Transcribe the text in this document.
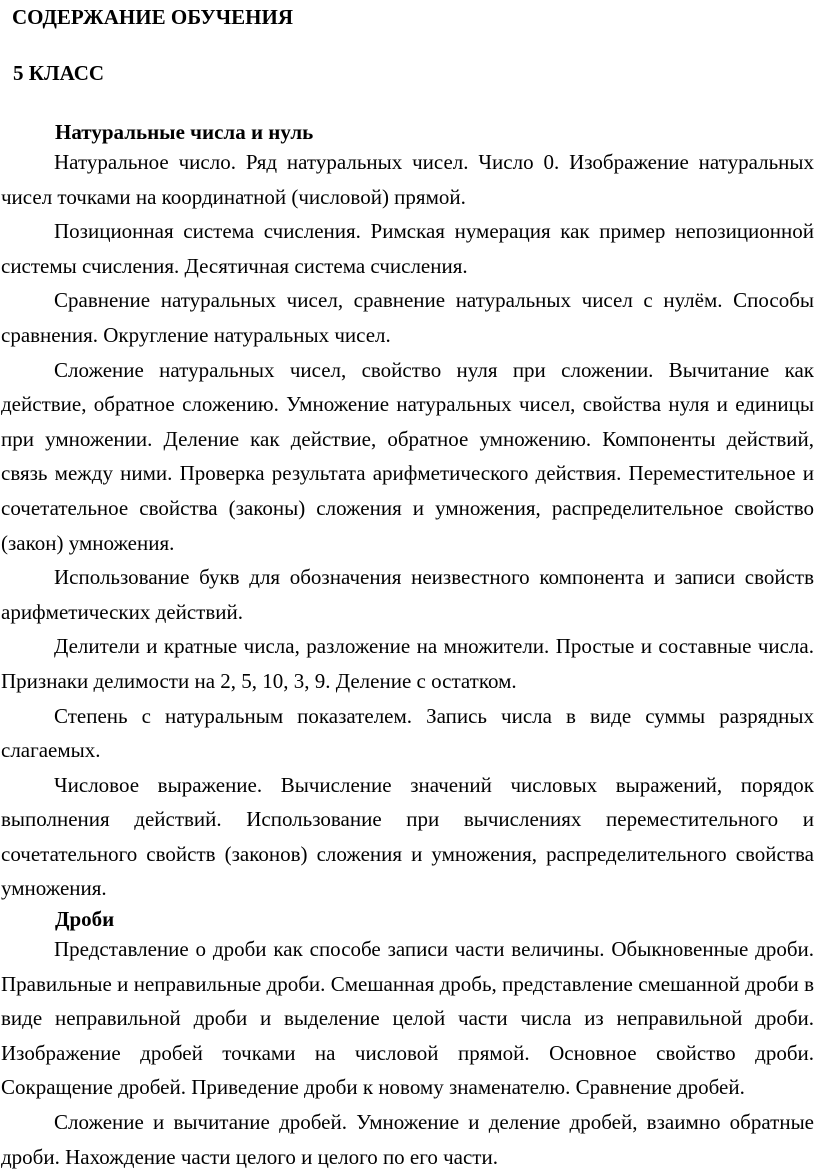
СОДЕРЖАНИЕ ОБУЧЕНИЯ
5 КЛАСС
Натуральные числа и нуль

Натуральное число. Ряд натуральных чисел. Число 0. Изображение натуральных чисел точками на координатной (числовой) прямой.

Позиционная система счисления. Римская нумерация как пример непозиционной системы счисления. Десятичная система счисления.

Сравнение натуральных чисел, сравнение натуральных чисел с нулём. Способы сравнения. Округление натуральных чисел.

Сложение натуральных чисел, свойство нуля при сложении. Вычитание как действие, обратное сложению. Умножение натуральных чисел, свойства нуля и единицы при умножении. Деление как действие, обратное умножению. Компоненты действий, связь между ними. Проверка результата арифметического действия. Переместительное и сочетательное свойства (законы) сложения и умножения, распределительное свойство (закон) умножения.

Использование букв для обозначения неизвестного компонента и записи свойств арифметических действий.

Делители и кратные числа, разложение на множители. Простые и составные числа. Признаки делимости на 2, 5, 10, 3, 9. Деление с остатком.

Степень с натуральным показателем. Запись числа в виде суммы разрядных слагаемых.

Числовое выражение. Вычисление значений числовых выражений, порядок выполнения действий. Использование при вычислениях переместительного и сочетательного свойств (законов) сложения и умножения, распределительного свойства умножения.

Дроби

Представление о дроби как способе записи части величины. Обыкновенные дроби. Правильные и неправильные дроби. Смешанная дробь, представление смешанной дроби в виде неправильной дроби и выделение целой части числа из неправильной дроби. Изображение дробей точками на числовой прямой. Основное свойство дроби. Сокращение дробей. Приведение дроби к новому знаменателю. Сравнение дробей.

Сложение и вычитание дробей. Умножение и деление дробей, взаимно обратные дроби. Нахождение части целого и целого по его части.
